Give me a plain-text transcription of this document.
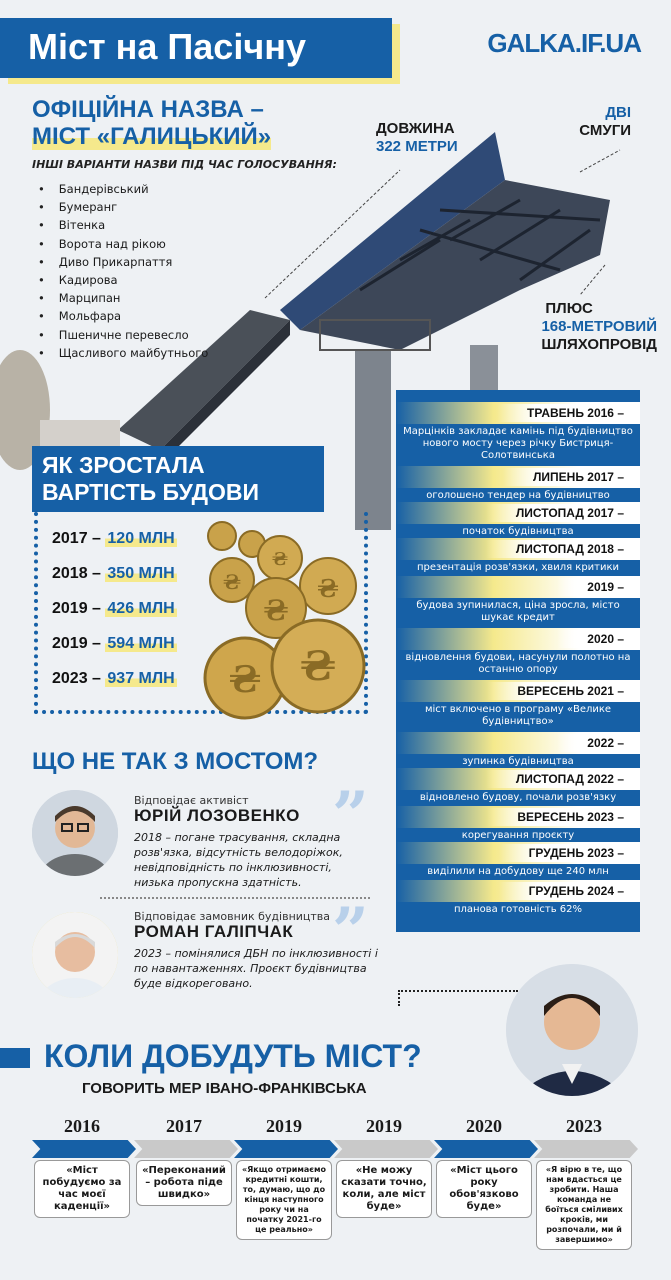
Міст на Пасічну	GALKA.IF.UA
ОФІЦІЙНА НАЗВА –
МІСТ «ГАЛИЦЬКИЙ»
ІНШІ ВАРІАНТИ НАЗВИ ПІД ЧАС ГОЛОСУВАННЯ:
• Бандерівський
• Бумеранг
• Вітенка
• Ворота над рікою
• Диво Прикарпаття
• Кадирова
• Марципан
• Мольфара
• Пшеничне перевесло
• Щасливого майбутнього
ДОВЖИНА
322 МЕТРИ
ДВІ
СМУГИ
ПЛЮС
168-МЕТРОВИЙ
ШЛЯХОПРОВІД
ЯК ЗРОСТАЛА
ВАРТІСТЬ БУДОВИ
2017 – 120 МЛН
2018 – 350 МЛН
2019 – 426 МЛН
2019 – 594 МЛН
2023 – 937 МЛН	₴
₴
₴
₴
₴
₴
ТРАВЕНЬ 2016 –
Марцінків закладає камінь під будівництво нового мосту через річку Бистриця-Солотвинська
ЛИПЕНЬ 2017 –
оголошено тендер на будівництво
ЛИСТОПАД 2017 –
початок будівництва
ЛИСТОПАД 2018 –
презентація розв'язки, хвиля критики
2019 –
будова зупинилася, ціна зросла, місто шукає кредит
2020 –
відновлення будови, насунули полотно на останню опору
ВЕРЕСЕНЬ 2021 –
міст включено в програму «Велике будівництво»
2022 –
зупинка будівництва
ЛИСТОПАД 2022 –
відновлено будову, почали розв'язку
ВЕРЕСЕНЬ 2023 –
корегування проєкту
ГРУДЕНЬ 2023 –
виділили на добудову ще 240 млн
ГРУДЕНЬ 2024 –
планова готовність 62%
ЩО НЕ ТАК З МОСТОМ?
Відповідає активіст
ЮРІЙ ЛОЗОВЕНКО ”
2018 – погане трасування, складна розв'язка, відсутність велодоріжок, невідповідність по інклюзивності, низька пропускна здатність.
Відповідає замовник будівництва
РОМАН ГАЛІПЧАК ”
2023 – помінялися ДБН по інклюзивності і по навантаженнях. Проєкт будівництва буде відкореговано.
КОЛИ ДОБУДУТЬ МІСТ?
ГОВОРИТЬ МЕР ІВАНО-ФРАНКІВСЬКА
2016
«Міст побудуємо за час моєї каденції»
2017
«Переконаний – робота піде швидко»
2019
«Якщо отримаємо кредитні кошти, то, думаю, що до кінця наступного року чи на початку 2021-го це реально»
2019
«Не можу сказати точно, коли, але міст буде»
2020
«Міст цього року обов'язково буде»
2023
«Я вірю в те, що нам вдасться це зробити. Наша команда не боїться сміливих кроків, ми розпочали, ми й завершимо»
